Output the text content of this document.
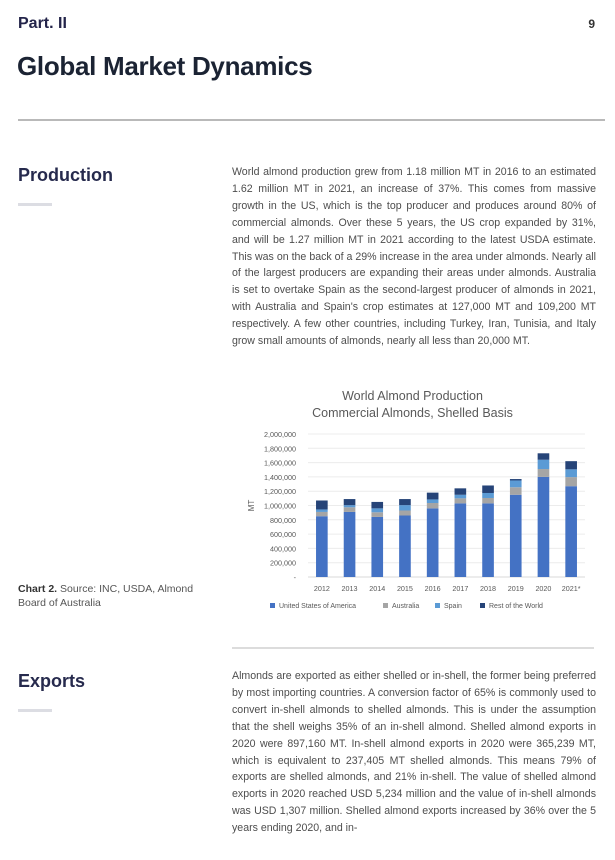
Part. II	9
Global Market Dynamics
Production	World almond production grew from 1.18 million MT in 2016 to an estimated 1.62 million MT in 2021, an increase of 37%. This comes from massive growth in the US, which is the top producer and produces around 80% of commercial almonds. Over these 5 years, the US crop expanded by 31%, and will be 1.27 million MT in 2021 according to the latest USDA estimate. This was on the back of a 29% increase in the area under almonds. Nearly all of the largest producers are expanding their areas under almonds. Australia is set to overtake Spain as the second-largest producer of almonds in 2021, with Australia and Spain's crop estimates at 127,000 MT and 109,200 MT respectively. A few other countries, including Turkey, Iran, Tunisia, and Italy grow small amounts of almonds, nearly all less than 20,000 MT.
World Almond Production
Commercial Almonds, Shelled Basis
-
200,000
400,000
600,000
800,000
1,000,000
1,200,000
1,400,000
1,600,000
1,800,000
2,000,000
MT
2012 2013 2014 2015 2016 2017 2018 2019 2020 2021*
United States of America	Australia	Spain	Rest of the World
Chart 2. Source: INC, USDA, Almond Board of Australia
Exports	Almonds are exported as either shelled or in-shell, the former being preferred by most importing countries. A conversion factor of 65% is commonly used to convert in-shell almonds to shelled almonds. This is under the assumption that the shell weighs 35% of an in-shell almond. Shelled almond exports in 2020 were 897,160 MT. In-shell almond exports in 2020 were 365,239 MT, which is equivalent to 237,405 MT shelled almonds. This means 79% of exports are shelled almonds, and 21% in-shell. The value of shelled almond exports in 2020 reached USD 5,234 million and the value of in-shell almonds was USD 1,307 million. Shelled almond exports increased by 36% over the 5 years ending 2020, and in-
